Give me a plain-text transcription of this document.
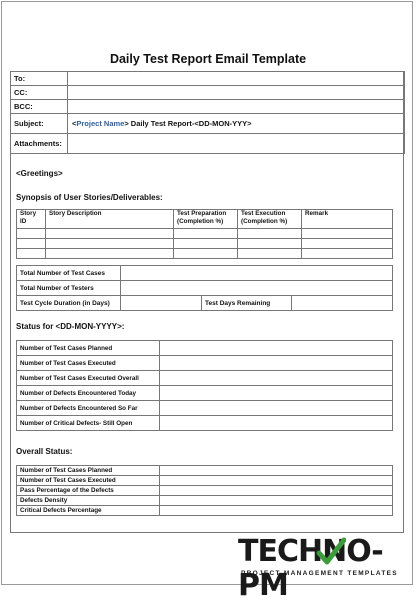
Daily Test Report Email Template
To:	
CC:	
BCC:	
Subject:	<Project Name> Daily Test Report-<DD-MON-YYY>
Attachments:	
<Greetings>
Synopsis of User Stories/Deliverables:
Story ID	Story Description	Test Preparation (Completion %)	Test Execution (Completion %)	Remark

Total Number of Test Cases			
Total Number of Testers			
Test Cycle Duration (in Days)		Test Days Remaining	
Status for <DD-MON-YYYY>:
Number of Test Cases Planned	
Number of Test Cases Executed	
Number of Test Cases Executed Overall	
Number of Defects Encountered Today	
Number of Defects Encountered So Far	
Number of Critical Defects- Still Open	
Overall Status:
Number of Test Cases Planned	
Number of Test Cases Executed	
Pass Percentage of the Defects	
Defects Density	
Critical Defects Percentage	
TECHNO-PM
PROJECT MANAGEMENT TEMPLATES
